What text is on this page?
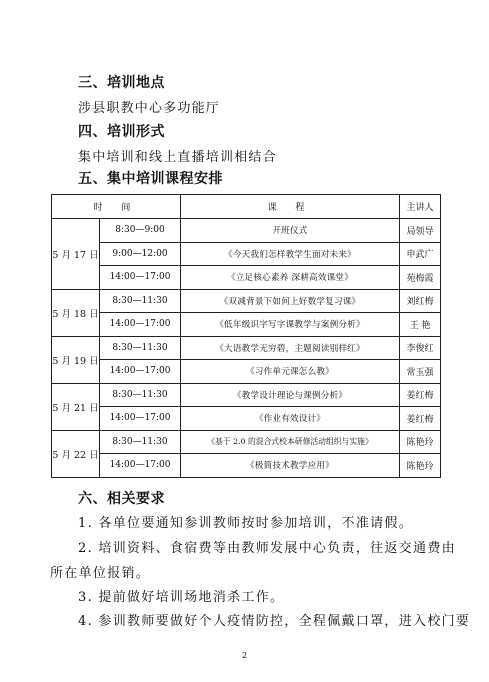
三、培训地点
涉县职教中心多功能厅
四、培训形式
集中培训和线上直播培训相结合
五、集中培训课程安排
时 间		课 程	主讲人
5 月 17 日	8:30—9:00	开班仪式	局领导
	9:00—12:00	《今天我们怎样教学生面对未来》	申武广
	14:00—17:00	《立足核心素养 深耕高效课堂》	苑梅霞
5 月 18 日	8:30—11:30	《双减背景下如何上好数学复习课》	刘红梅
	14:00—17:00	《低年级识字写字课教学与案例分析》	王 艳
5 月 19 日	8:30—11:30	《大语教学无穷碧，主题阅读别样红》	李俊红
	14:00—17:00	《习作单元课怎么教》	常玉强
5 月 21 日	8:30—11:30	《教学设计理论与课例分析》	姜红梅
	14:00—17:00	《作业有效设计》	姜红梅
5 月 22 日	8:30—11:30	《基于 2.0 的混合式校本研修活动组织与实施》	陈艳玲
	14:00—17:00	《极简技术教学应用》	陈艳玲
六、相关要求
1. 各单位要通知参训教师按时参加培训，不准请假。
2. 培训资料、食宿费等由教师发展中心负责，往返交通费由
所在单位报销。
3. 提前做好培训场地消杀工作。
4. 参训教师要做好个人疫情防控，全程佩戴口罩，进入校门要
2
